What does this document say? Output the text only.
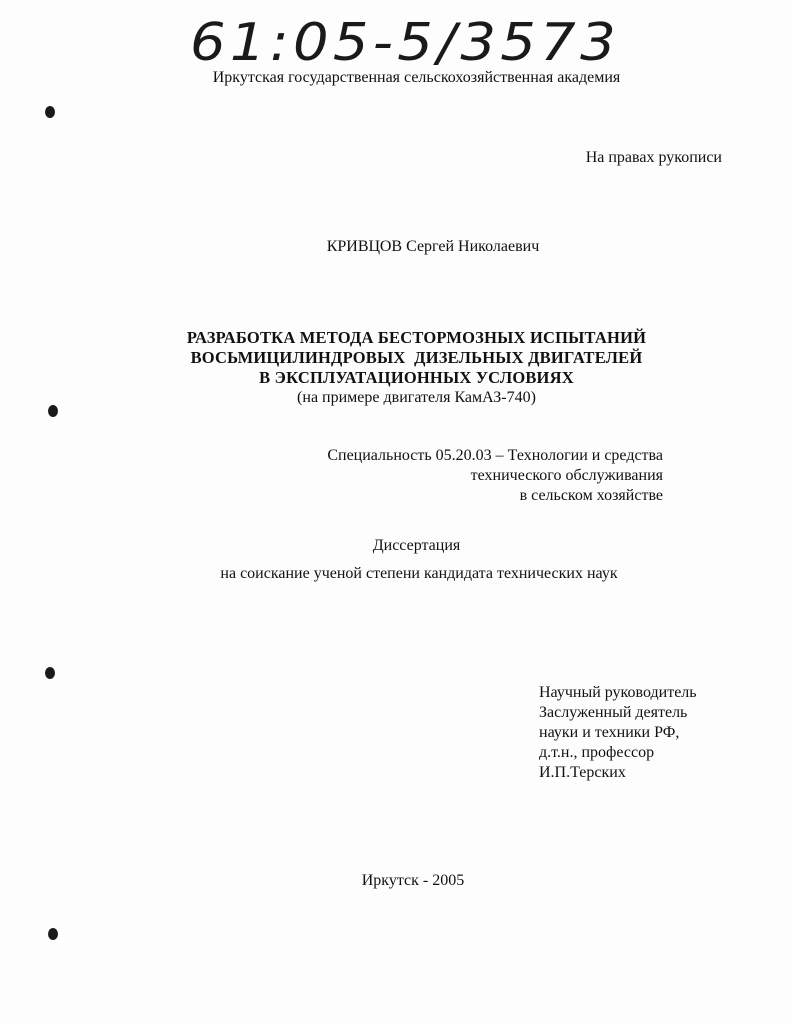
61:05-5/3573
Иркутская государственная сельскохозяйственная академия
На правах рукописи
КРИВЦОВ Сергей Николаевич
РАЗРАБОТКА МЕТОДА БЕСТОРМОЗНЫХ ИСПЫТАНИЙ
ВОСЬМИЦИЛИНДРОВЫХ  ДИЗЕЛЬНЫХ ДВИГАТЕЛЕЙ
В ЭКСПЛУАТАЦИОННЫХ УСЛОВИЯХ
(на примере двигателя КамАЗ-740)
Специальность 05.20.03 – Технологии и средства
технического обслуживания
в сельском хозяйстве
Диссертация
на соискание ученой степени кандидата технических наук
Научный руководитель
Заслуженный деятель
науки и техники РФ,
д.т.н., профессор
И.П.Терских
Иркутск - 2005
